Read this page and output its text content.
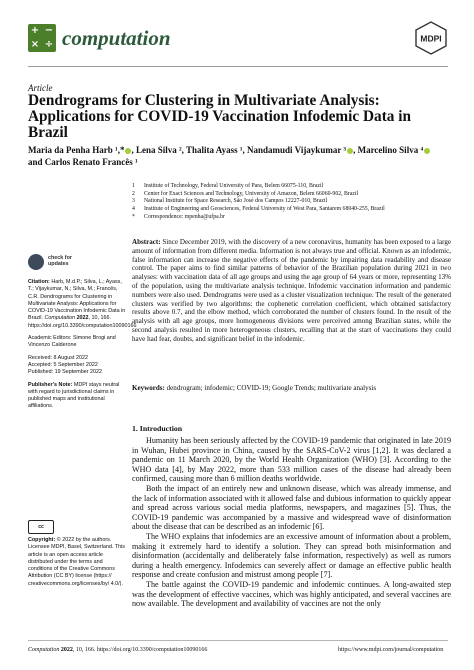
+ −
× ÷ computation	MDPI
Article
Dendrograms for Clustering in Multivariate Analysis: Applications for COVID-19 Vaccination Infodemic Data in Brazil
Maria da Penha Harb ¹,* , Lena Silva ², Thalita Ayass ¹, Nandamudi Vijaykumar ³ , Marcelino Silva ⁴
and Carlos Renato Francês ¹
1	Institute of Technology, Federal University of Para, Belem 66075-110, Brazil
2	Center for Exact Sciences and Technology, University of Amazon, Belem 66060-902, Brazil
3	National Institute for Space Research, São José dos Campos 12227-010, Brazil
4	Institute of Engineering and Geosciences, Federal University of West Para, Santarem 68040-255, Brazil
*	Correspondence: mpenha@ufpa.br
Abstract: Since December 2019, with the discovery of a new coronavirus, humanity has been exposed to a large amount of information from different media. Information is not always true and official. Known as an infodemic, false information can increase the negative effects of the pandemic by impairing data readability and disease control. The paper aims to find similar patterns of behavior of the Brazilian population during 2021 in two analyses: with vaccination data of all age groups and using the age group of 64 years or more, representing 13% of the population, using the multivariate analysis technique. Infodemic vaccination information and pandemic numbers were also used. Dendrograms were used as a cluster visualization technique. The result of the generated clusters was verified by two algorithms: the cophenetic correlation coefficient, which obtained satisfactory results above 0.7, and the elbow method, which corroborated the number of clusters found. In the result of the analysis with all age groups, more homogeneous divisions were perceived among Brazilian states, while the second analysis resulted in more heterogeneous clusters, recalling that at the start of vaccinations they could have had fear, doubts, and significant belief in the infodemic.
Keywords: dendrogram; infodemic; COVID-19; Google Trends; multivariate analysis
check for
updates

Citation: Harb, M.d.P.; Silva, L.; Ayass, T.; Vijaykumar, N.; Silva, M.; Francês, C.R. Dendrograms for Clustering in Multivariate Analysis: Applications for COVID-19 Vaccination Infodemic Data in Brazil. Computation 2022, 10, 166. https://doi.org/10.3390/computation10090166

Academic Editors: Simone Brogi and Vincenzo Calderone

Received: 8 August 2022
Accepted: 5 September 2022
Published: 19 September 2022

Publisher’s Note: MDPI stays neutral with regard to jurisdictional claims in published maps and institutional affiliations.

cc
Copyright: © 2022 by the authors. Licensee MDPI, Basel, Switzerland. This article is an open access article distributed under the terms and conditions of the Creative Commons Attribution (CC BY) license (https:// creativecommons.org/licenses/by/ 4.0/).
1. Introduction

Humanity has been seriously affected by the COVID-19 pandemic that originated in late 2019 in Wuhan, Hubei province in China, caused by the SARS-CoV-2 virus [1,2]. It was declared a pandemic on 11 March 2020, by the World Health Organization (WHO) [3]. According to the WHO data [4], by May 2022, more than 533 million cases of the disease had already been confirmed, causing more than 6 million deaths worldwide.

Both the impact of an entirely new and unknown disease, which was already immense, and the lack of information associated with it allowed false and dubious information to quickly appear and spread across various social media platforms, newspapers, and magazines [5]. Thus, the COVID-19 pandemic was accompanied by a massive and widespread wave of disinformation about the disease that can be described as an infodemic [6].

The WHO explains that infodemics are an excessive amount of information about a problem, making it extremely hard to identify a solution. They can spread both misinformation and disinformation (accidentally and deliberately false information, respectively) as well as rumors during a health emergency. Infodemics can severely affect or damage an effective public health response and create confusion and mistrust among people [7].

The battle against the COVID-19 pandemic and infodemic continues. A long-awaited step was the development of effective vaccines, which was highly anticipated, and several vaccines are now available. The development and availability of vaccines are not the only

Computation 2022, 10, 166. https://doi.org/10.3390/computation10090166	https://www.mdpi.com/journal/computation
